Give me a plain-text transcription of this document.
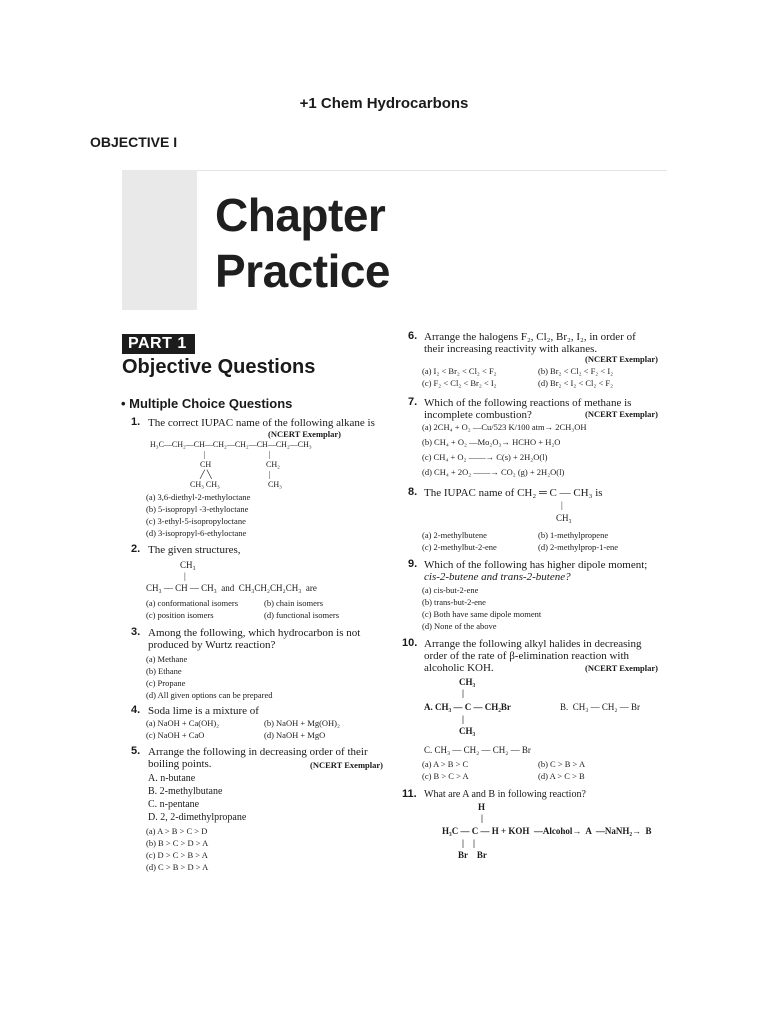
+1 Chem Hydrocarbons
OBJECTIVE I
Chapter
Practice
PART 1
Objective Questions
• Multiple Choice Questions
1. The correct IUPAC name of the following alkane is
(NCERT Exemplar)
H₃C—CH₂—CH—CH₂—CH₂—CH—CH₂—CH₃
|	|
CH	CH₂
╱ ╲	|
CH₃ CH₃	CH₃
(a) 3,6-diethyl-2-methyloctane
(b) 5-isopropyl -3-ethyloctane
(c) 3-ethyl-5-isopropyloctane
(d) 3-isopropyl-6-ethyloctane
2. The given structures,
CH₃
|
CH₃ — CH — CH₃  and  CH₃CH₂CH₂CH₃  are
(a) conformational isomers	(b) chain isomers
(c) position isomers	(d) functional isomers
3. Among the following, which hydrocarbon is not
produced by Wurtz reaction?
(a) Methane
(b) Ethane
(c) Propane
(d) All given options can be prepared
4. Soda lime is a mixture of
(a) NaOH + Ca(OH)₂	(b) NaOH + Mg(OH)₂
(c) NaOH + CaO	(d) NaOH + MgO
5. Arrange the following in decreasing order of their
boiling points.	(NCERT Exemplar)
A. n-butane
B. 2-methylbutane
C. n-pentane
D. 2, 2-dimethylpropane
(a) A > B > C > D
(b) B > C > D > A
(c) D > C > B > A
(d) C > B > D > A
6. Arrange the halogens F₂, Cl₂, Br₂, I₂, in order of
their increasing reactivity with alkanes.
(NCERT Exemplar)
(a) I₂ < Br₂ < Cl₂ < F₂	(b) Br₂ < Cl₂ < F₂ < I₂
(c) F₂ < Cl₂ < Br₂ < I₂	(d) Br₂ < I₂ < Cl₂ < F₂
7. Which of the following reactions of methane is
incomplete combustion?	(NCERT Exemplar)
(a) 2CH₄ + O₂ —Cu/523 K/100 atm→ 2CH₃OH
(b) CH₄ + O₂ —Mo₂O₃→ HCHO + H₂O
(c) CH₄ + O₂ ——→ C(s) + 2H₂O(l)
(d) CH₄ + 2O₂ ——→ CO₂ (g) + 2H₂O(l)
8. The IUPAC name of CH₂ ═ C — CH₃ is
|
CH₃
(a) 2-methylbutene	(b) 1-methylpropene
(c) 2-methylbut-2-ene	(d) 2-methylprop-1-ene
9. Which of the following has higher dipole moment;
cis-2-butene and trans-2-butene?
(a) cis-but-2-ene
(b) trans-but-2-ene
(c) Both have same dipole moment
(d) None of the above
10. Arrange the following alkyl halides in decreasing
order of the rate of β-elimination reaction with
alcoholic KOH.	(NCERT Exemplar)
CH₃
|
A. CH₃ — C — CH₂Br
|
CH₃
B.  CH₃ — CH₂ — Br
C. CH₃ — CH₂ — CH₂ — Br
(a) A > B > C	(b) C > B > A
(c) B > C > A	(d) A > C > B
11. What are A and B in following reaction?
H
|
H₃C — C — H + KOH  —Alcohol→  A  —NaNH₂→  B
|    |
Br    Br
